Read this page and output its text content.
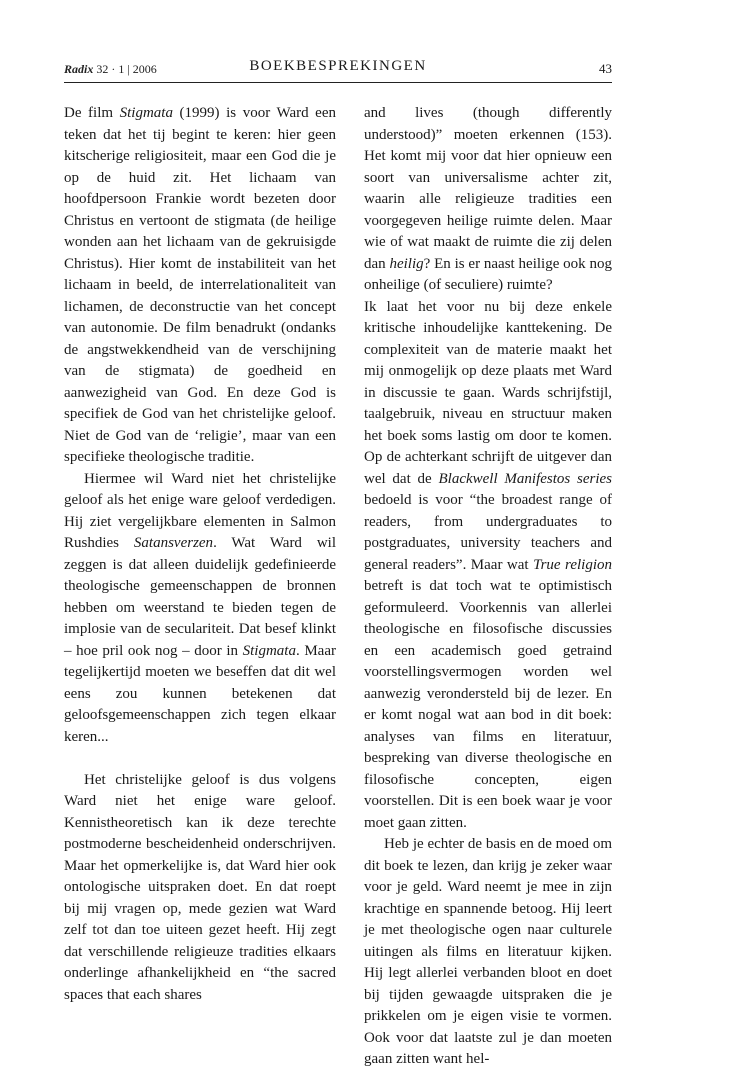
Radix 32 · 1 | 2006	BOEKBESPREKINGEN	43

De film Stigmata (1999) is voor Ward een teken dat het tij begint te keren: hier geen kitscherige religiositeit, maar een God die je op de huid zit. Het lichaam van hoofdpersoon Frankie wordt bezeten door Christus en vertoont de stigmata (de heilige wonden aan het lichaam van de gekruisigde Christus). Hier komt de instabiliteit van het lichaam in beeld, de interrelationaliteit van lichamen, de deconstructie van het concept van autonomie. De film benadrukt (ondanks de angstwekkendheid van de verschijning van de stigmata) de goedheid en aanwezigheid van God. En deze God is specifiek de God van het christelijke geloof. Niet de God van de ‘religie’, maar van een specifieke theologische traditie.

Hiermee wil Ward niet het christelijke geloof als het enige ware geloof verdedigen. Hij ziet vergelijkbare elementen in Salmon Rushdies Satansverzen. Wat Ward wil zeggen is dat alleen duidelijk gedefinieerde theologische gemeenschappen de bronnen hebben om weerstand te bieden tegen de implosie van de seculariteit. Dat besef klinkt – hoe pril ook nog – door in Stigmata. Maar tegelijkertijd moeten we beseffen dat dit wel eens zou kunnen betekenen dat geloofsgemeenschappen zich tegen elkaar keren...

Het christelijke geloof is dus volgens Ward niet het enige ware geloof. Kennistheoretisch kan ik deze terechte postmoderne bescheidenheid onderschrijven. Maar het opmerkelijke is, dat Ward hier ook ontologische uitspraken doet. En dat roept bij mij vragen op, mede gezien wat Ward zelf tot dan toe uiteen gezet heeft. Hij zegt dat verschillende religieuze tradities elkaars onderlinge afhankelijkheid en “the sacred spaces that each shares

and lives (though differently understood)” moeten erkennen (153). Het komt mij voor dat hier opnieuw een soort van universalisme achter zit, waarin alle religieuze tradities een voorgegeven heilige ruimte delen. Maar wie of wat maakt de ruimte die zij delen dan heilig? En is er naast heilige ook nog onheilige (of seculiere) ruimte?

Ik laat het voor nu bij deze enkele kritische inhoudelijke kanttekening. De complexiteit van de materie maakt het mij onmogelijk op deze plaats met Ward in discussie te gaan. Wards schrijfstijl, taalgebruik, niveau en structuur maken het boek soms lastig om door te komen. Op de achterkant schrijft de uitgever dan wel dat de Blackwell Manifestos series bedoeld is voor “the broadest range of readers, from undergraduates to postgraduates, university teachers and general readers”. Maar wat True religion betreft is dat toch wat te optimistisch geformuleerd. Voorkennis van allerlei theologische en filosofische discussies en een academisch goed getraind voorstellingsvermogen worden wel aanwezig verondersteld bij de lezer. En er komt nogal wat aan bod in dit boek: analyses van films en literatuur, bespreking van diverse theologische en filosofische concepten, eigen voorstellen. Dit is een boek waar je voor moet gaan zitten.

Heb je echter de basis en de moed om dit boek te lezen, dan krijg je zeker waar voor je geld. Ward neemt je mee in zijn krachtige en spannende betoog. Hij leert je met theologische ogen naar culturele uitingen als films en literatuur kijken. Hij legt allerlei verbanden bloot en doet bij tijden gewaagde uitspraken die je prikkelen om je eigen visie te vormen. Ook voor dat laatste zul je dan moeten gaan zitten want hel-
